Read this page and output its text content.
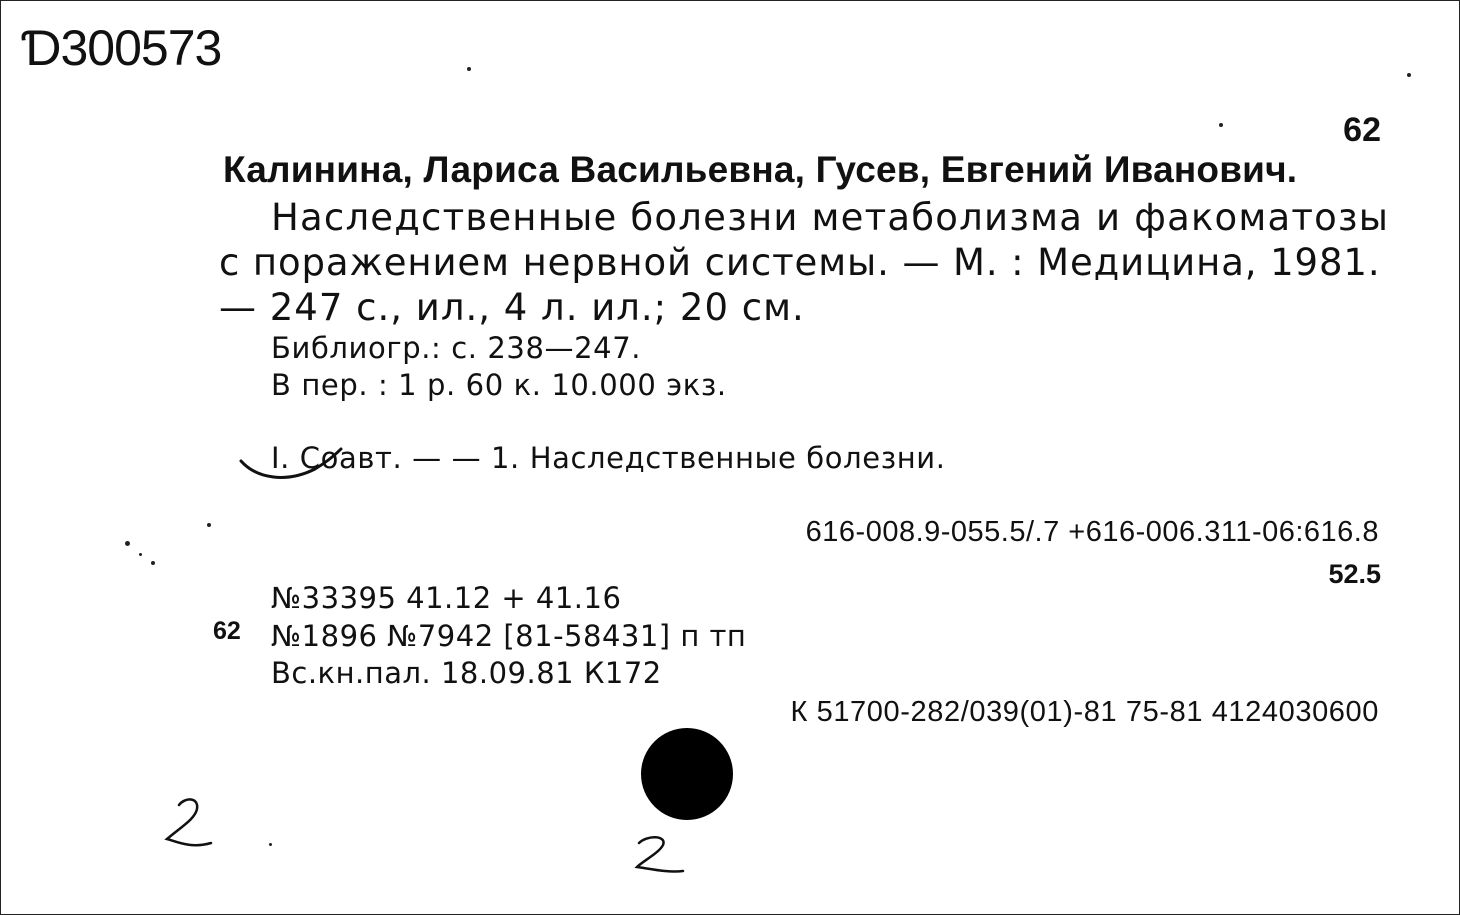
Ɗ300573
62
Калинина, Лариса Васильевна, Гусев, Евгений Иванович.
Наследственные болезни метаболизма и факоматозы
с поражением нервной системы. — М. : Медицина, 1981.
— 247 с., ил., 4 л. ил.; 20 см.
Библиогр.: с. 238—247.
В пер. : 1 р. 60 к. 10.000 экз.
I. Соавт. — — 1. Наследственные болезни.
616-008.9-055.5/.7 +616-006.311-06:616.8
52.5
№33395 41.12 + 41.16
62 №1896 №7942 [81-58431] п тп
Вс.кн.пал. 18.09.81 К172
К 51700-282/039(01)-81 75-81 4124030600
